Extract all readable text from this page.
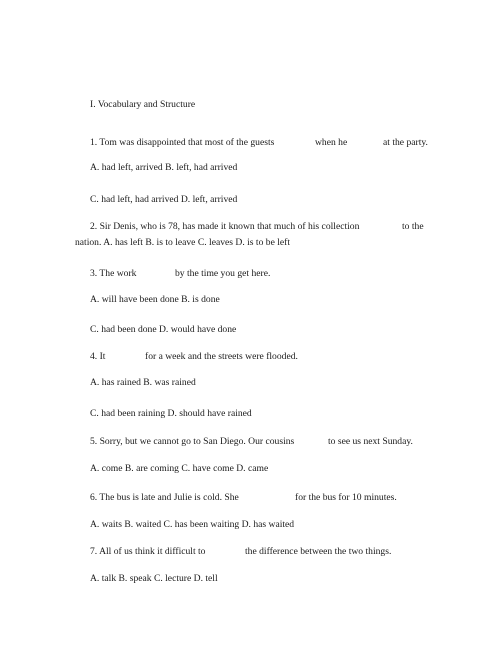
I. Vocabulary and Structure
1. Tom was disappointed that most of the guests	when he	at the party.
A. had left, arrived B. left, had arrived
C. had left, had arrived D. left, arrived
2. Sir Denis, who is 78, has made it known that much of his collection	to the
nation. A. has left B. is to leave C. leaves D. is to be left
3. The work	by the time you get here.
A. will have been done B. is done
C. had been done D. would have done
4. It	for a week and the streets were flooded.
A. has rained B. was rained
C. had been raining D. should have rained
5. Sorry, but we cannot go to San Diego. Our cousins	to see us next Sunday.
A. come B. are coming C. have come D. came
6. The bus is late and Julie is cold. She	for the bus for 10 minutes.
A. waits B. waited C. has been waiting D. has waited
7. All of us think it difficult to	the difference between the two things.
A. talk B. speak C. lecture D. tell
